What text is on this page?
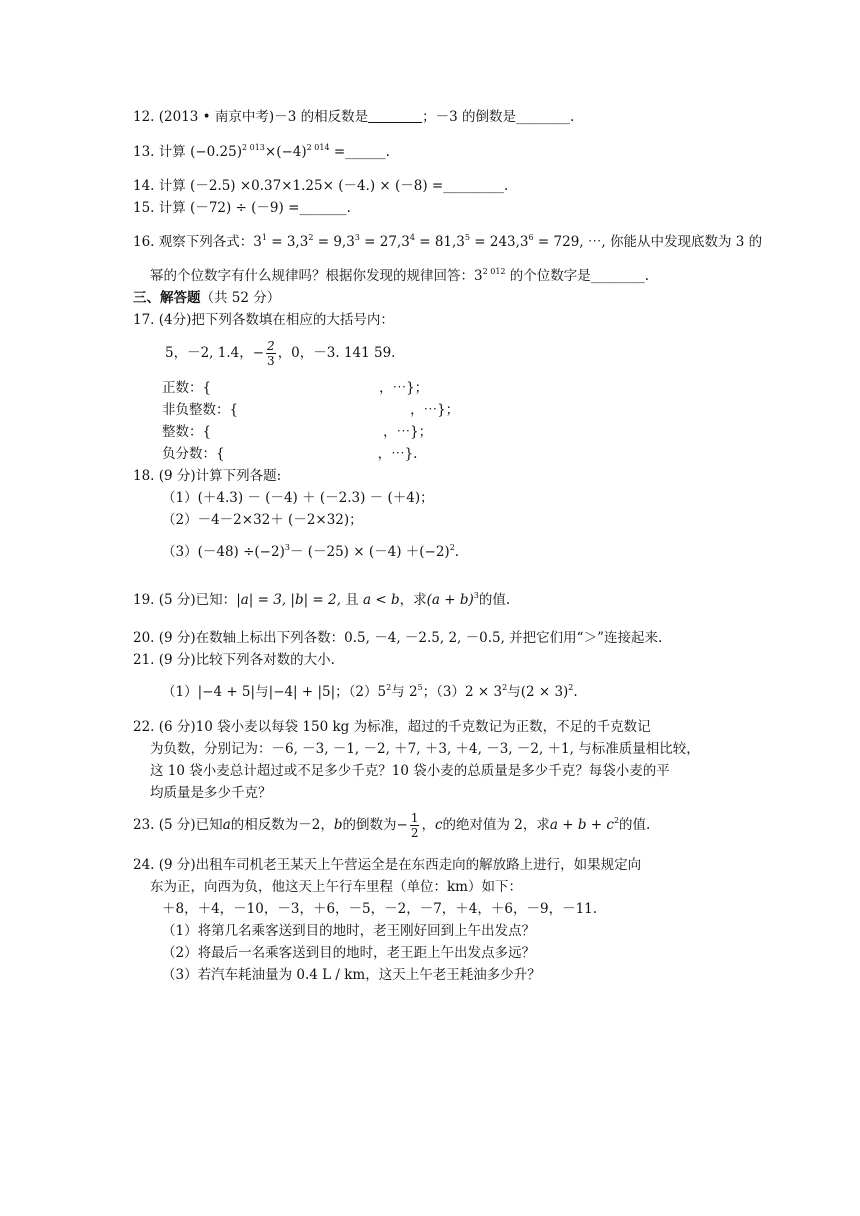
12. (2013 • 南京中考)－3 的相反数是　　　　	；－3 的倒数是________.
13. 计算 $(-0.25)^{2 013}\times(-4)^{2 014}$ =______.
14. 计算 (－2.5) ×0.37×1.25× (－4.) × (－8) =_________.
15. 计算 (－72) ÷ (－9) =_______.
16. 观察下列各式：$3^1 = 3,3^2 = 9,3^3 = 27,3^4 = 81,3^5 = 243,3^6 = 729$, ⋯, 你能从中发现底数为 3 的
幂的个位数字有什么规律吗？根据你发现的规律回答：$3^{2 012}$ 的个位数字是________.
三、解答题（共 52 分）
17. (4分)把下列各数填在相应的大括号内：
5，－2, 1.4，− $\frac{2}{3}$ ，0，－3. 141 59.
正数：{	，⋯}；
非负整数：{	，⋯}；
整数：{	，⋯}；
负分数：{	，⋯}.
18. (9 分)计算下列各题:
（1）(＋4.3) － (－4) ＋ (－2.3) － (＋4)；
（2）－4－2×32＋ (－2×32)；
$(3)(-48) \div(-2)^3- (-25) \times (-4) +(-2)^2$.
19. (5 分)已知：|a| = 3, |b| = 2, 且 a < b，求$(a + b)^3$的值.
20. (9 分)在数轴上标出下列各数：0.5, －4, －2.5, 2, －0.5, 并把它们用“＞”连接起来.
21. (9 分)比较下列各对数的大小.
（1）|−4 + 5|与|−4| + |5|；$(2)5^2$与 $2^5$；$(3)2 \times 3^2$与$(2 \times 3)^2$.
22. (6 分)10 袋小麦以每袋 150 kg 为标准，超过的千克数记为正数，不足的千克数记
为负数，分别记为：－6, －3, －1, －2, ＋7, ＋3, ＋4, －3, －2, ＋1, 与标准质量相比较，
这 10 袋小麦总计超过或不足多少千克？10 袋小麦的总质量是多少千克？每袋小麦的平
均质量是多少千克？
23. (5 分)已知a的相反数为－2，b的倒数为− $\frac{1}{2}$ ，c的绝对值为 2，求$a + b + c^2$的值.
24. (9 分)出租车司机老王某天上午营运全是在东西走向的解放路上进行，如果规定向
东为正，向西为负，他这天上午行车里程（单位：km）如下：
＋8，＋4，－10，－3，＋6，－5，－2，－7，＋4，＋6，－9，－11.
（1）将第几名乘客送到目的地时，老王刚好回到上午出发点？
（2）将最后一名乘客送到目的地时，老王距上午出发点多远？
（3）若汽车耗油量为 0.4 L / km，这天上午老王耗油多少升？
